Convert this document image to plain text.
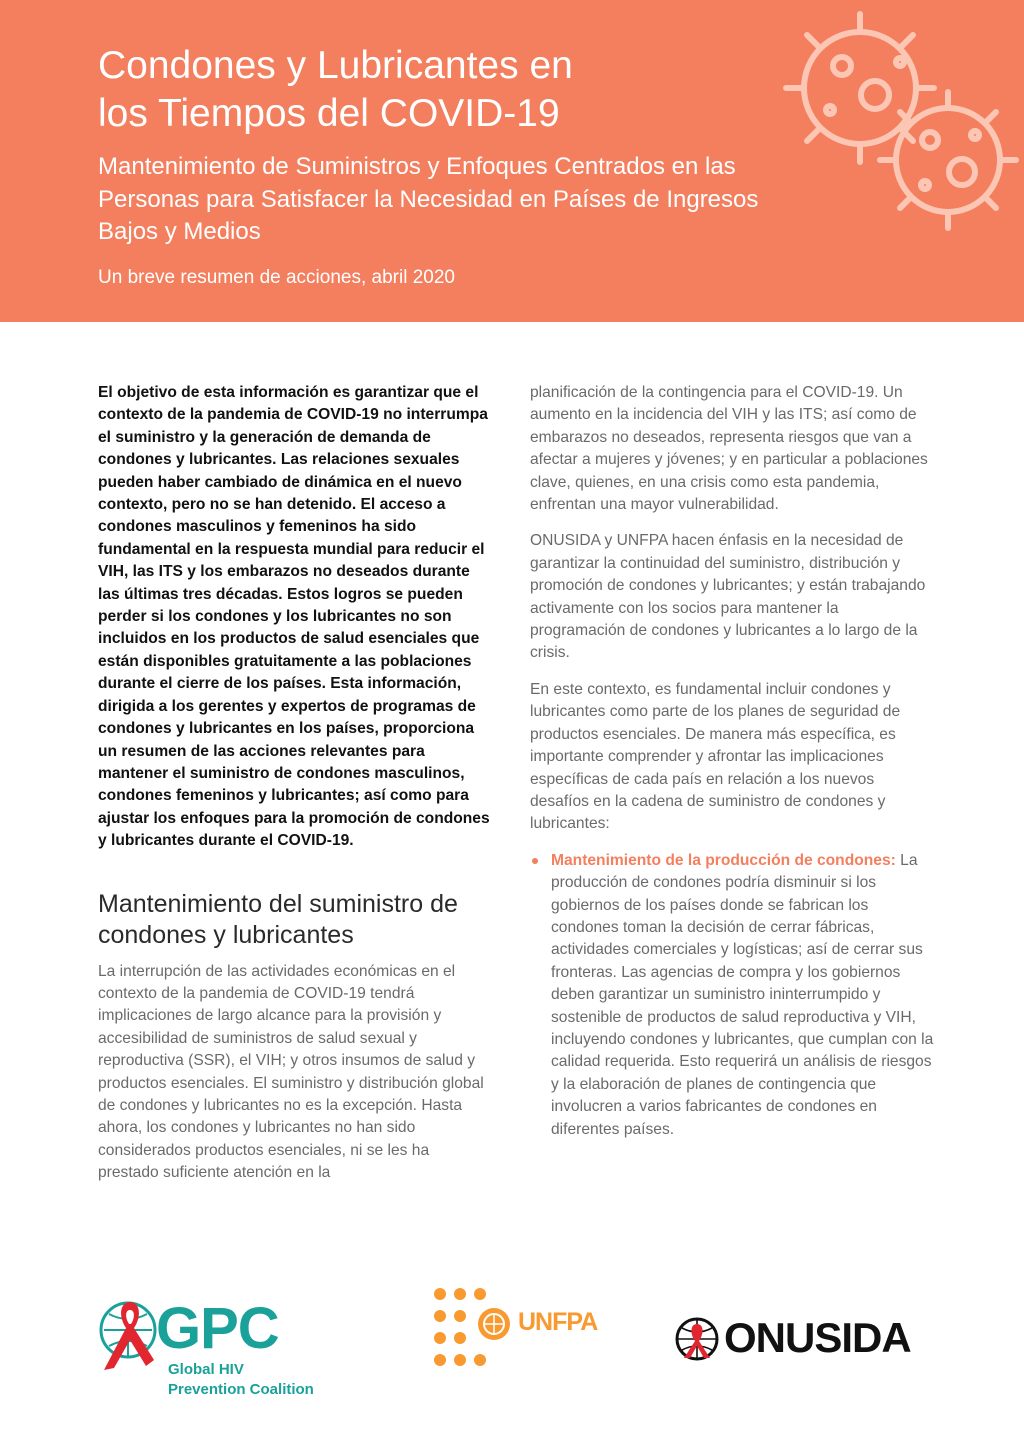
Condones y Lubricantes en
los Tiempos del COVID-19
Mantenimiento de Suministros y Enfoques Centrados en las Personas para Satisfacer la Necesidad en Países de Ingresos Bajos y Medios

Un breve resumen de acciones, abril 2020

El objetivo de esta información es garantizar que el contexto de la pandemia de COVID-19 no interrumpa el suministro y la generación de demanda de condones y lubricantes. Las relaciones sexuales pueden haber cambiado de dinámica en el nuevo contexto, pero no se han detenido. El acceso a condones masculinos y femeninos ha sido fundamental en la respuesta mundial para reducir el VIH, las ITS y los embarazos no deseados durante las últimas tres décadas. Estos logros se pueden perder si los condones y los lubricantes no son incluidos en los productos de salud esenciales que están disponibles gratuitamente a las poblaciones durante el cierre de los países. Esta información, dirigida a los gerentes y expertos de programas de condones y lubricantes en los países, proporciona un resumen de las acciones relevantes para mantener el suministro de condones masculinos, condones femeninos y lubricantes; así como para ajustar los enfoques para la promoción de condones y lubricantes durante el COVID-19.

Mantenimiento del suministro de condones y lubricantes

La interrupción de las actividades económicas en el contexto de la pandemia de COVID-19 tendrá implicaciones de largo alcance para la provisión y accesibilidad de suministros de salud sexual y reproductiva (SSR), el VIH; y otros insumos de salud y productos esenciales. El suministro y distribución global de condones y lubricantes no es la excepción. Hasta ahora, los condones y lubricantes no han sido considerados productos esenciales, ni se les ha prestado suficiente atención en la

planificación de la contingencia para el COVID-19. Un aumento en la incidencia del VIH y las ITS; así como de embarazos no deseados, representa riesgos que van a afectar a mujeres y jóvenes; y en particular a poblaciones clave, quienes, en una crisis como esta pandemia, enfrentan una mayor vulnerabilidad.

ONUSIDA y UNFPA hacen énfasis en la necesidad de garantizar la continuidad del suministro, distribución y promoción de condones y lubricantes; y están trabajando activamente con los socios para mantener la programación de condones y lubricantes a lo largo de la crisis.

En este contexto, es fundamental incluir condones y lubricantes como parte de los planes de seguridad de productos esenciales. De manera más específica, es importante comprender y afrontar las implicaciones específicas de cada país en relación a los nuevos desafíos en la cadena de suministro de condones y lubricantes:

Mantenimiento de la producción de condones: La producción de condones podría disminuir si los gobiernos de los países donde se fabrican los condones toman la decisión de cerrar fábricas, actividades comerciales y logísticas; así de cerrar sus fronteras. Las agencias de compra y los gobiernos deben garantizar un suministro ininterrumpido y sostenible de productos de salud reproductiva y VIH, incluyendo condones y lubricantes, que cumplan con la calidad requerida. Esto requerirá un análisis de riesgos y la elaboración de planes de contingencia que involucren a varios fabricantes de condones en diferentes países.
GPC
Global HIV
Prevention Coalition
UNFPA	ONUSIDA
